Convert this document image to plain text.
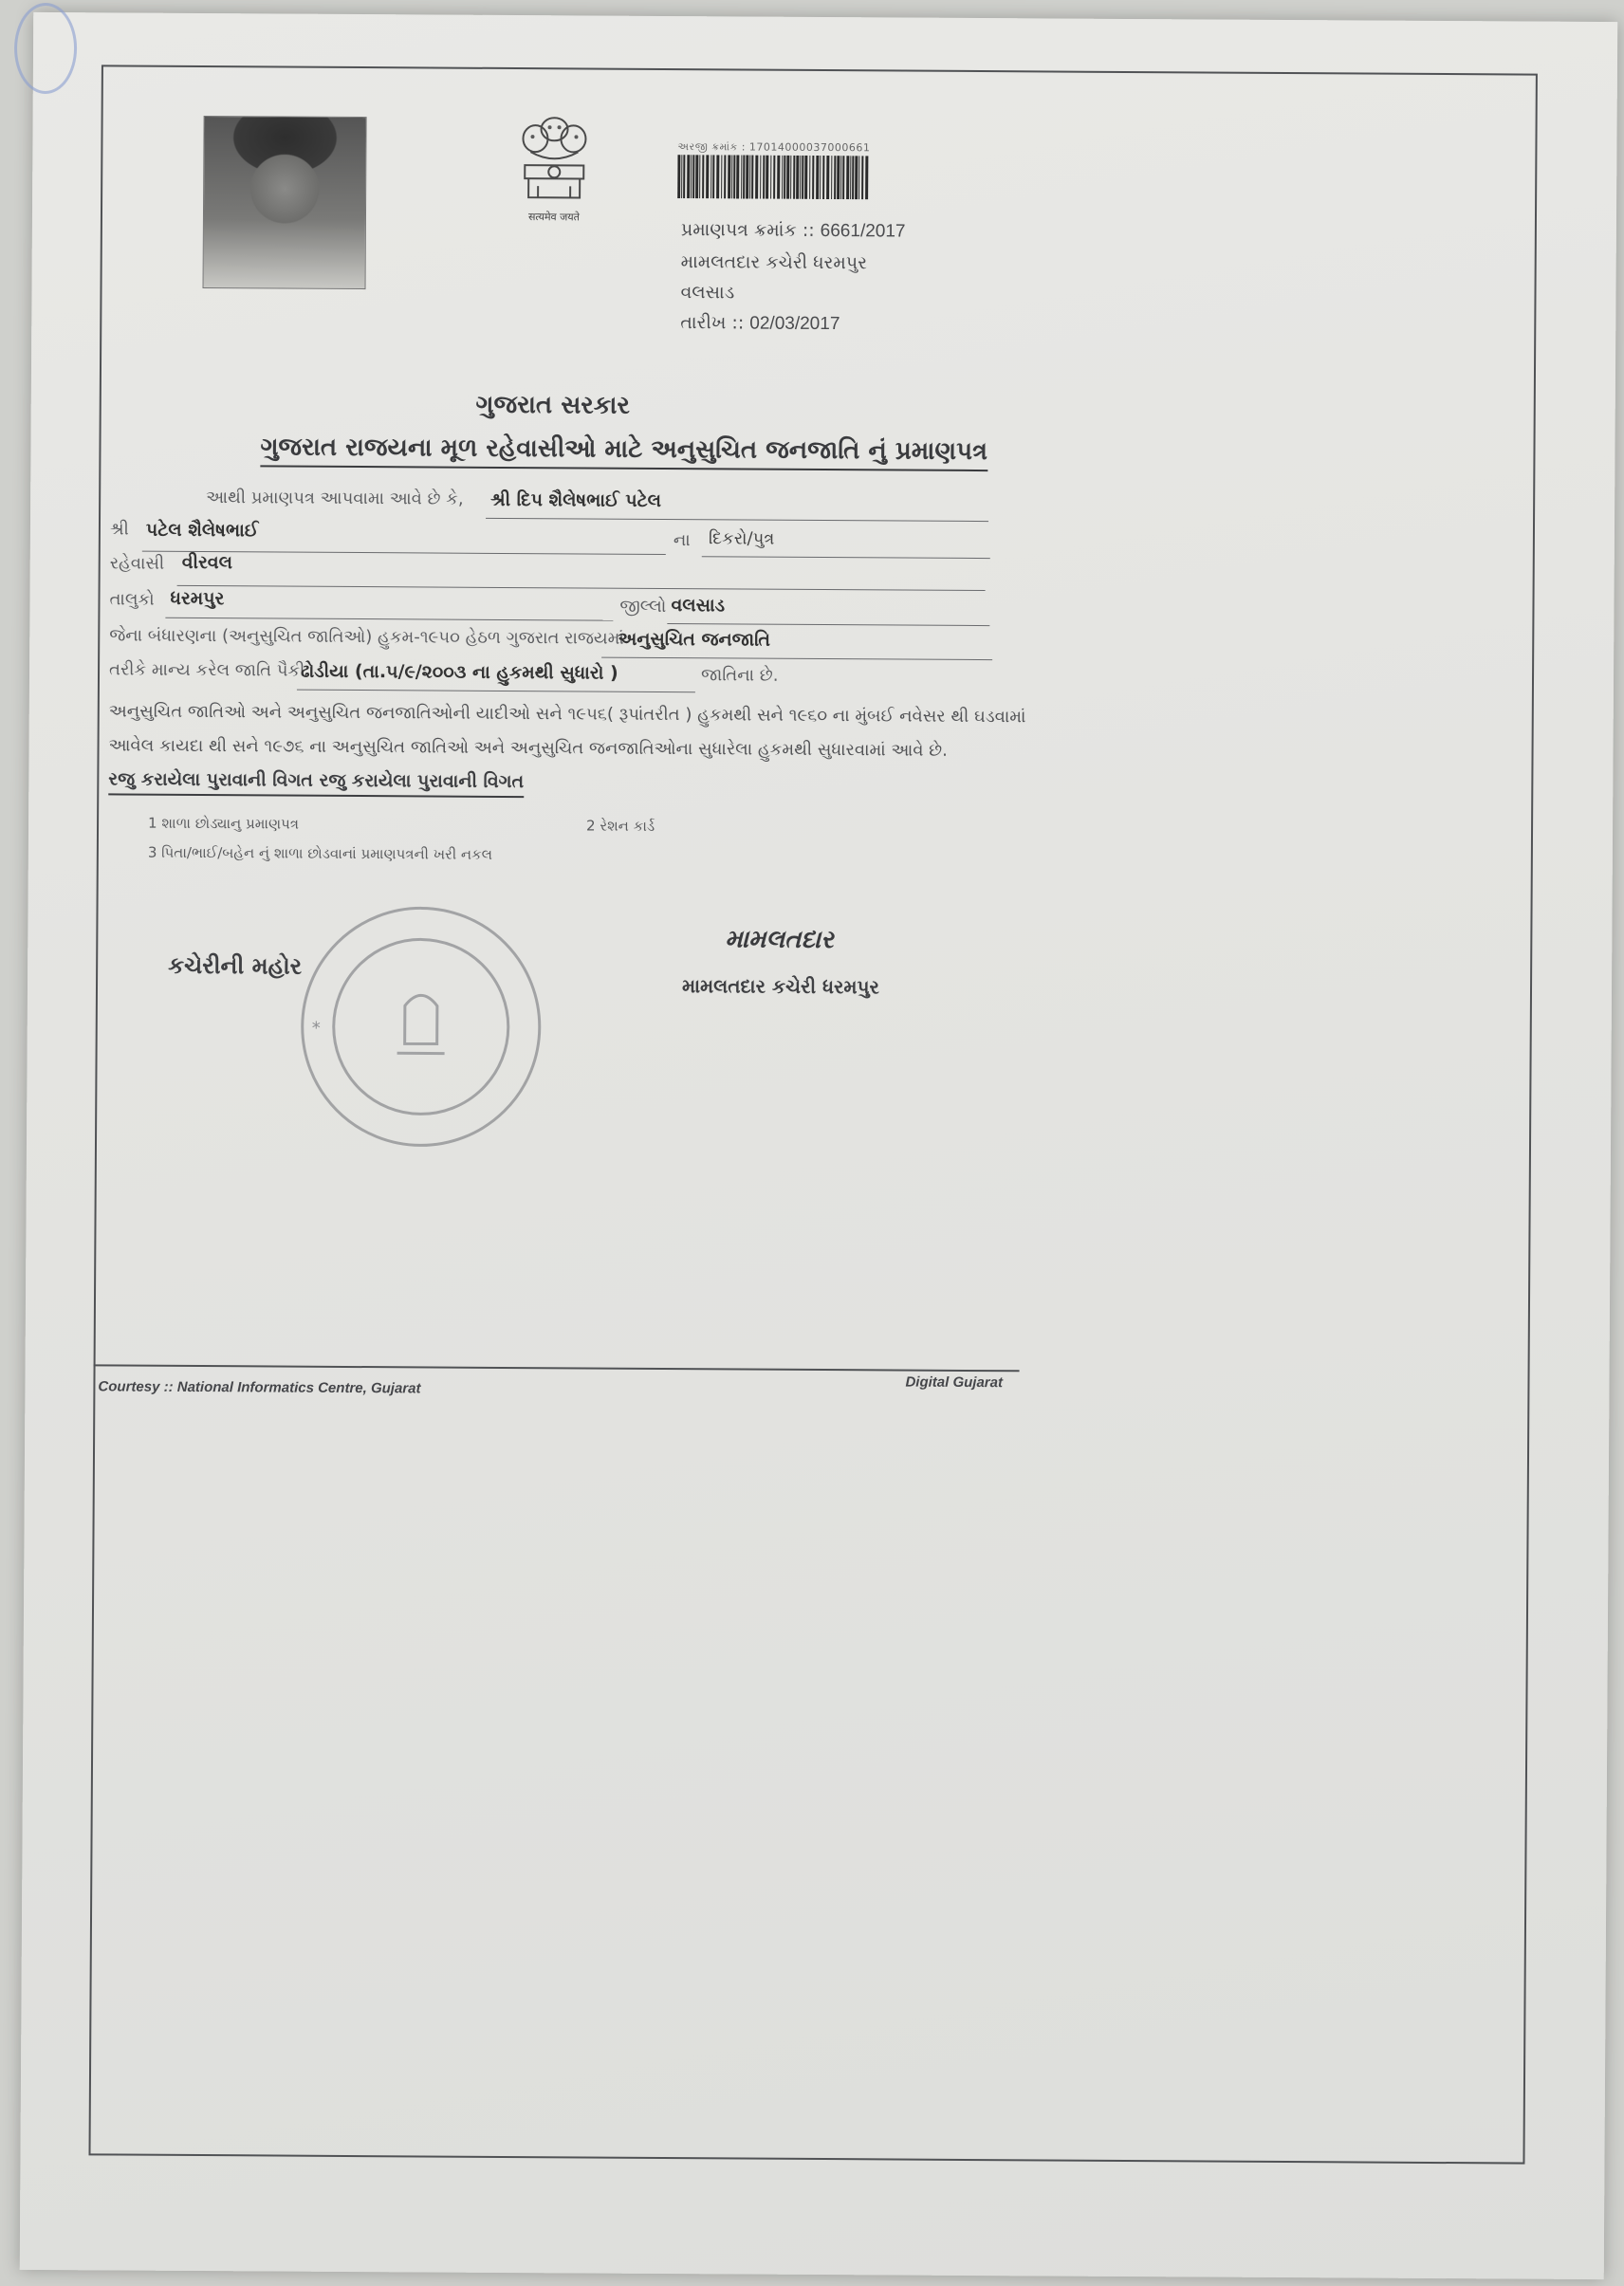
सत्यमेव जयते
અરજી ક્રમાંક : 17014000037000661
પ્રમાણપત્ર ક્રમાંક :: 6661/2017
મામલતદાર કચેરી ધરમપુર
વલસાડ
તારીખ :: 02/03/2017
ગુજરાત સરકાર
ગુજરાત રાજયના મૂળ રહેવાસીઓ માટે અનુસુચિત જનજાતિ નું પ્રમાણપત્ર
આથી પ્રમાણપત્ર આપવામા આવે છે કે, શ્રી દિપ શૈલેષભાઈ પટેલ
શ્રી પટેલ શૈલેષભાઈ	ના દિકરો/પુત્ર
રહેવાસી વીરવલ
તાલુકો ધરમપુર	જીલ્લો વલસાડ
જેના બંધારણના (અનુસુચિત જાતિઓ) હુકમ-૧૯૫૦ હેઠળ ગુજરાત રાજયમાં
અનુસુચિત જનજાતિ
તરીકે માન્ય કરેલ જાતિ પૈકી
ઢોડીયા (તા.૫/૯/૨૦૦૩ ના હુકમથી સુધારો )	જાતિના છે.
અનુસુચિત જાતિઓ અને અનુસુચિત જનજાતિઓની યાદીઓ સને ૧૯૫૬( રૂપાંતરીત ) હુકમથી સને ૧૯૬૦ ના મુંબઈ નવેસર થી ઘડવામાં
આવેલ કાયદા થી સને ૧૯૭૬ ના અનુસુચિત જાતિઓ અને અનુસુચિત જનજાતિઓના સુધારેલા હુકમથી સુધારવામાં આવે છે.
રજુ કરાયેલા પુરાવાની વિગત રજુ કરાયેલા પુરાવાની વિગત
1 શાળા છોડ્યાનુ પ્રમાણપત્ર	2 રેશન કાર્ડ
3 પિતા/ભાઈ/બહેન નું શાળા છોડવાનાં પ્રમાણપત્રની ખરી નકલ
કચેરીની મહોર
*
મામલતદાર
મામલતદાર કચેરી ધરમપુર
Courtesy :: National Informatics Centre, Gujarat	Digital Gujarat
